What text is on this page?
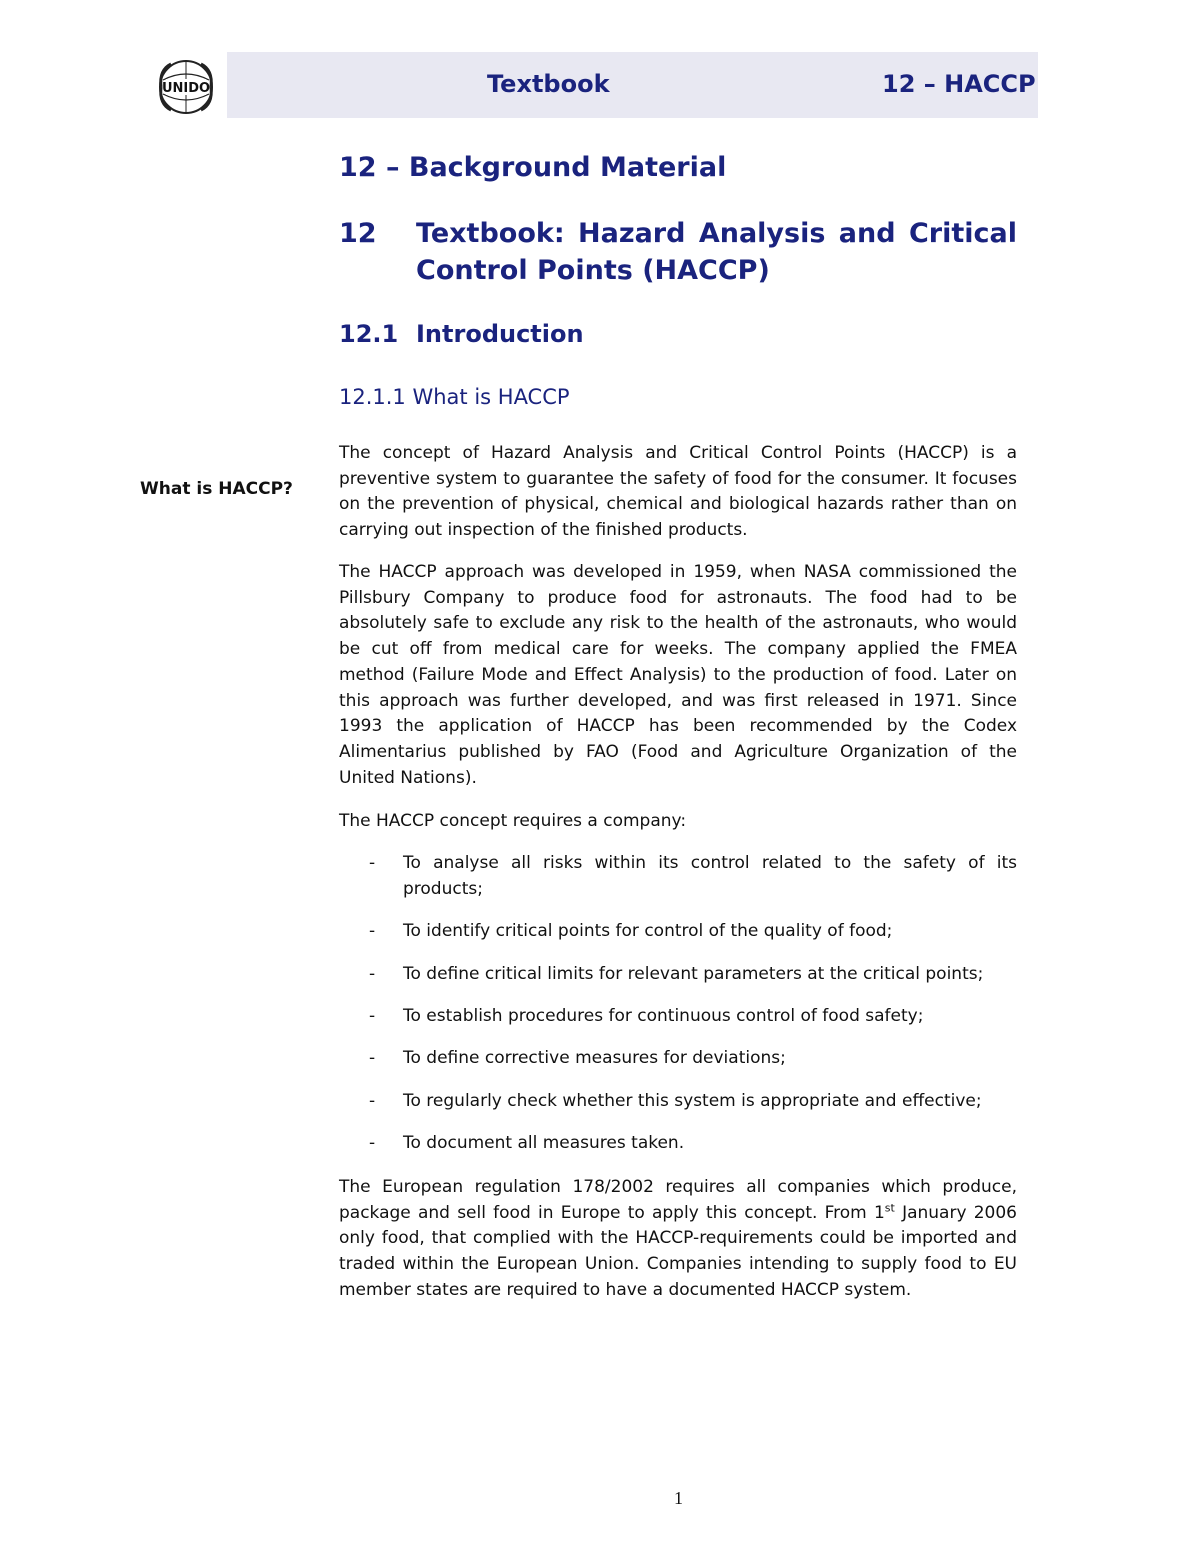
UNIDO	Textbook	12 – HACCP
12 – Background Material
12 Textbook: Hazard Analysis and Critical Control Points (HACCP)
12.1 Introduction
12.1.1 What is HACCP
What is HACCP?

The concept of Hazard Analysis and Critical Control Points (HACCP) is a preventive system to guarantee the safety of food for the consumer. It focuses on the prevention of physical, chemical and biological hazards rather than on carrying out inspection of the finished products.

The HACCP approach was developed in 1959, when NASA commissioned the Pillsbury Company to produce food for astronauts. The food had to be absolutely safe to exclude any risk to the health of the astronauts, who would be cut off from medical care for weeks. The company applied the FMEA method (Failure Mode and Effect Analysis) to the production of food. Later on this approach was further developed, and was first released in 1971. Since 1993 the application of HACCP has been recommended by the Codex Alimentarius published by FAO (Food and Agriculture Organization of the United Nations).

The HACCP concept requires a company:

- To analyse all risks within its control related to the safety of its products;
- To identify critical points for control of the quality of food;
- To define critical limits for relevant parameters at the critical points;
- To establish procedures for continuous control of food safety;
- To define corrective measures for deviations;
- To regularly check whether this system is appropriate and effective;
- To document all measures taken.

The European regulation 178/2002 requires all companies which produce, package and sell food in Europe to apply this concept. From 1st January 2006 only food, that complied with the HACCP-requirements could be imported and traded within the European Union. Companies intending to supply food to EU member states are required to have a documented HACCP system.

1
